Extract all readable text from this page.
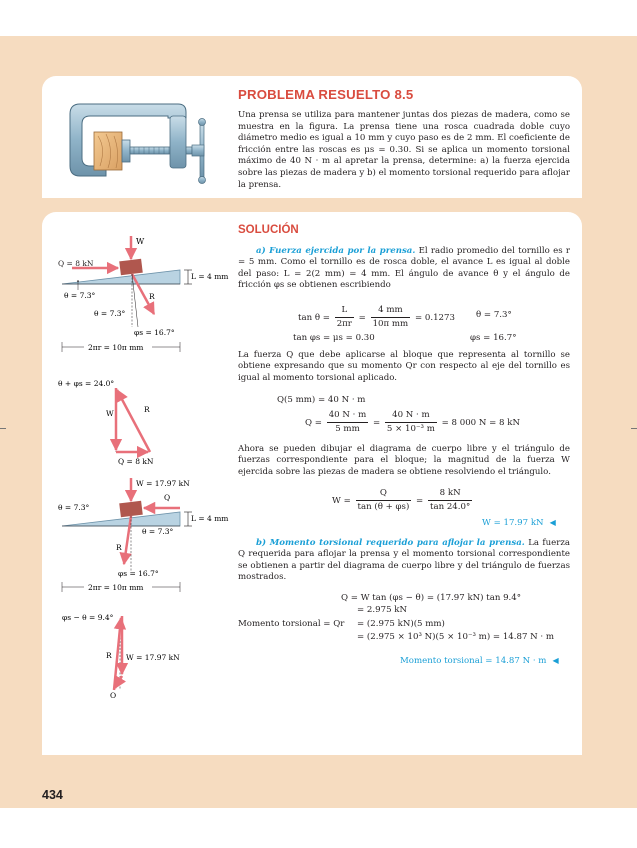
PROBLEMA RESUELTO 8.5
Una prensa se utiliza para mantener juntas dos piezas de madera, como se muestra en la figura. La prensa tiene una rosca cuadrada doble cuyo diámetro medio es igual a 10 mm y cuyo paso es de 2 mm. El coeficiente de fricción entre las roscas es μs = 0.30. Si se aplica un momento torsional máximo de 40 N · m al apretar la prensa, determine: a) la fuerza ejercida sobre las piezas de madera y b) el momento torsional requerido para aflojar la prensa.
SOLUCIÓN
a) Fuerza ejercida por la prensa. El radio promedio del tornillo es r = 5 mm. Como el tornillo es de rosca doble, el avance L es igual al doble del paso: L = 2(2 mm) = 4 mm. El ángulo de avance θ y el ángulo de fricción φs se obtienen escribiendo
$\tan \theta = \frac{L}{2\pi r} = \frac{4 mm}{\text{10π mm}} = 0.1273$ θ = 7.3°
tan φs = μs = 0.30	φs = 16.7°
La fuerza Q que debe aplicarse al bloque que representa al tornillo se obtiene expresando que su momento Qr con respecto al eje del tornillo es igual al momento torsional aplicado.
Q(5 mm) = 40 N · m
$Q = \frac{40 N \cdot m}{5 mm} = \frac{40 N \cdot m}{\text{5 × 10⁻³ m}} = 8$ 000 N = 8 kN
Ahora se pueden dibujar el diagrama de cuerpo libre y el triángulo de fuerzas correspondiente para el bloque; la magnitud de la fuerza W ejercida sobre las piezas de madera se obtiene resolviendo el triángulo.
$W = \frac{Q}{\tan (\theta + \varphi s)} = \frac{8 kN}{\tan 24.0^\circ}$
W = 17.97 kN ◀
b) Momento torsional requerido para aflojar la prensa. La fuerza Q requerida para aflojar la prensa y el momento torsional correspondiente se obtienen a partir del diagrama de cuerpo libre y del triángulo de fuerzas mostrados.
Q = W tan (φs − θ) = (17.97 kN) tan 9.4°
= 2.975 kN
Momento torsional = Qr = (2.975 kN)(5 mm)
= (2.975 × 10³ N)(5 × 10⁻³ m) = 14.87 N · m
Momento torsional = 14.87 N · m ◀
W
Q = 8 kN
R
L = 4 mm
θ = 7.3°
θ = 7.3°
φs = 16.7°
2πr = 10π mm
θ + φs = 24.0°
W	R
Q = 8 kN
W = 17.97 kN
Q
R
L = 4 mm
θ = 7.3°
θ = 7.3°
φs = 16.7°
2πr = 10π mm
φs − θ = 9.4°
W = 17.97 kN
R
Q
434
